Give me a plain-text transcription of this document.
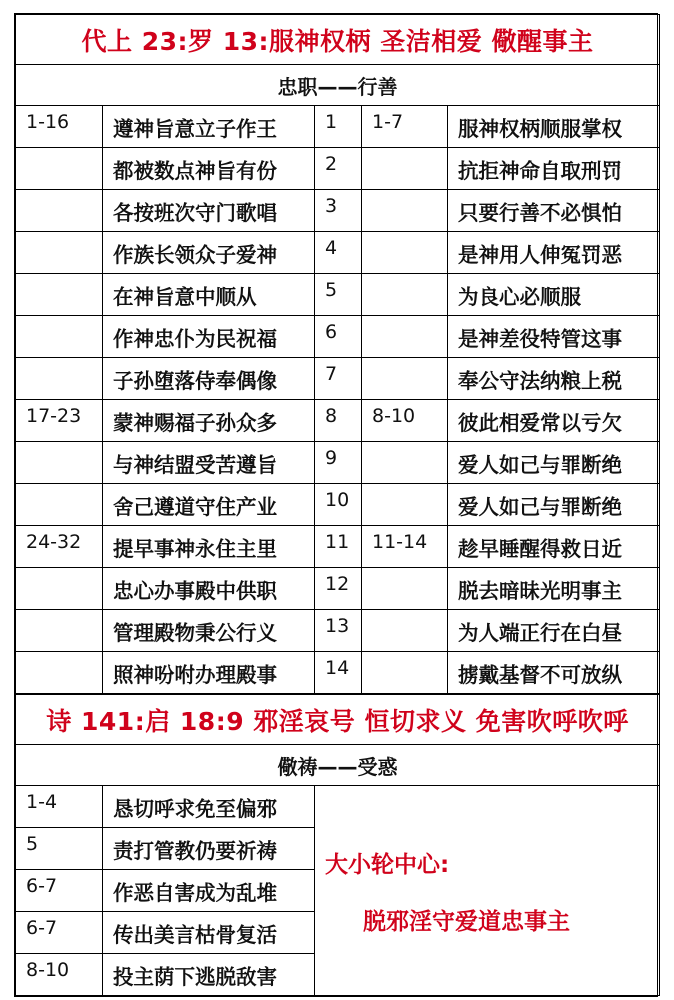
代上 23:罗 13:服神权柄 圣洁相爱 儆醒事主				
忠职——行善				
1-16	遵神旨意立子作王	1	1-7	服神权柄顺服掌权
	都被数点神旨有份	2		抗拒神命自取刑罚
	各按班次守门歌唱	3		只要行善不必惧怕
	作族长领众子爱神	4		是神用人伸冤罚恶
	在神旨意中顺从	5		为良心必顺服
	作神忠仆为民祝福	6		是神差役特管这事
	子孙堕落侍奉偶像	7		奉公守法纳粮上税
17-23	蒙神赐福子孙众多	8	8-10	彼此相爱常以亏欠
	与神结盟受苦遵旨	9		爱人如己与罪断绝
	舍己遵道守住产业	10		爱人如己与罪断绝
24-32	提早事神永住主里	11	11-14	趁早睡醒得救日近
	忠心办事殿中供职	12		脱去暗昧光明事主
	管理殿物秉公行义	13		为人端正行在白昼
	照神吩咐办理殿事	14		掳戴基督不可放纵
诗 141:启 18:9 邪淫哀号 恒切求义 免害吹呼吹呼		
儆祷——受惑		
1-4	恳切呼求免至偏邪	大小轮中心:
脱邪淫守爱道忠事主

5	责打管教仍要祈祷	
6-7	作恶自害成为乱堆	
6-7	传出美言枯骨复活	
8-10	投主荫下逃脱敌害	
